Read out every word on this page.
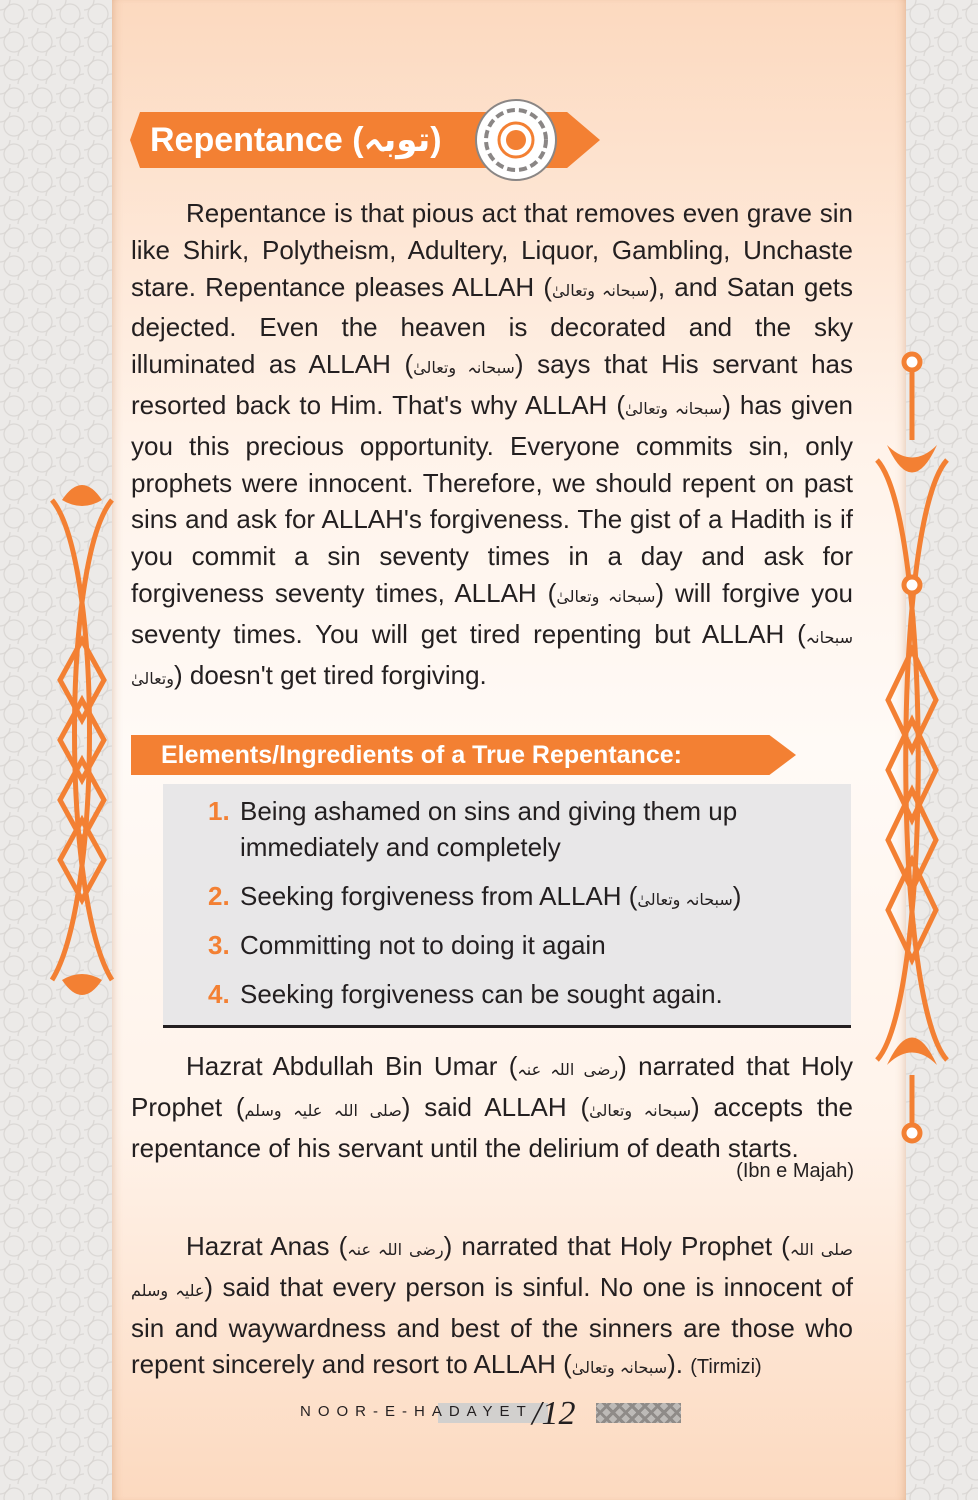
Repentance (توبہ)

Repentance is that pious act that removes even grave sin like Shirk, Polytheism, Adultery, Liquor, Gambling, Unchaste stare. Repentance pleases ALLAH (سبحانہ وتعالیٰ), and Satan gets dejected. Even the heaven is decorated and the sky illuminated as ALLAH (سبحانہ وتعالیٰ) says that His servant has resorted back to Him. That's why ALLAH (سبحانہ وتعالیٰ) has given you this precious opportunity. Everyone commits sin, only prophets were innocent. Therefore, we should repent on past sins and ask for ALLAH's forgiveness. The gist of a Hadith is if you commit a sin seventy times in a day and ask for forgiveness seventy times, ALLAH (سبحانہ وتعالیٰ) will forgive you seventy times. You will get tired repenting but ALLAH (سبحانہ وتعالیٰ) doesn't get tired forgiving.

Elements/Ingredients of a True Repentance:

1. Being ashamed on sins and giving them up
immediately and completely

2. Seeking forgiveness from ALLAH (سبحانہ وتعالیٰ)

3. Committing not to doing it again

4. Seeking forgiveness can be sought again.

Hazrat Abdullah Bin Umar (رضی اللہ عنہ) narrated that Holy Prophet (صلی اللہ علیہ وسلم) said ALLAH (سبحانہ وتعالیٰ) accepts the repentance of his servant until the delirium of death starts.

(Ibn e Majah)

Hazrat Anas (رضی اللہ عنہ) narrated that Holy Prophet (صلی اللہ علیہ وسلم) said that every person is sinful. No one is innocent of sin and waywardness and best of the sinners are those who repent sincerely and resort to ALLAH (سبحانہ وتعالیٰ). (Tirmizi)

NOOR-E-HADAYET /12
